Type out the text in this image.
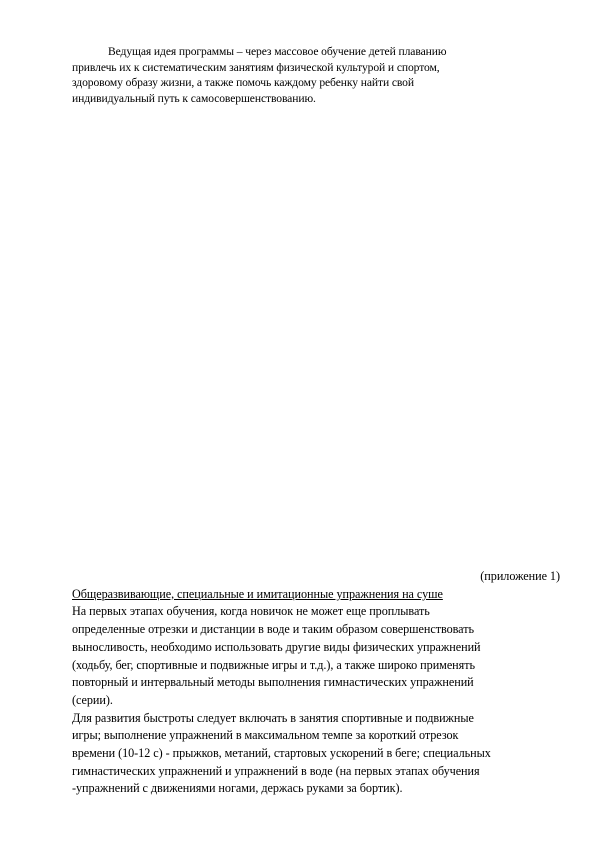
Ведущая идея программы – через массовое обучение детей плаванию
привлечь их к систематическим занятиям физической культурой и спортом,
здоровому образу жизни, а также помочь каждому ребенку найти свой
индивидуальный путь к самосовершенствованию.
(приложение 1)
Общеразвивающие, специальные и имитационные упражнения на суше
На первых этапах обучения, когда новичок не может еще проплывать
определенные отрезки и дистанции в воде и таким образом совершенствовать
выносливость, необходимо использовать другие виды физических упражнений
(ходьбу, бег, спортивные и подвижные игры и т.д.), а также широко применять
повторный и интервальный методы выполнения гимнастических упражнений
(серии).
Для развития быстроты следует включать в занятия спортивные и подвижные
игры; выполнение упражнений в максимальном темпе за короткий отрезок
времени (10-12 с) - прыжков, метаний, стартовых ускорений в беге; специальных
гимнастических упражнений и упражнений в воде (на первых этапах обучения
-упражнений с движениями ногами, держась руками за бортик).
